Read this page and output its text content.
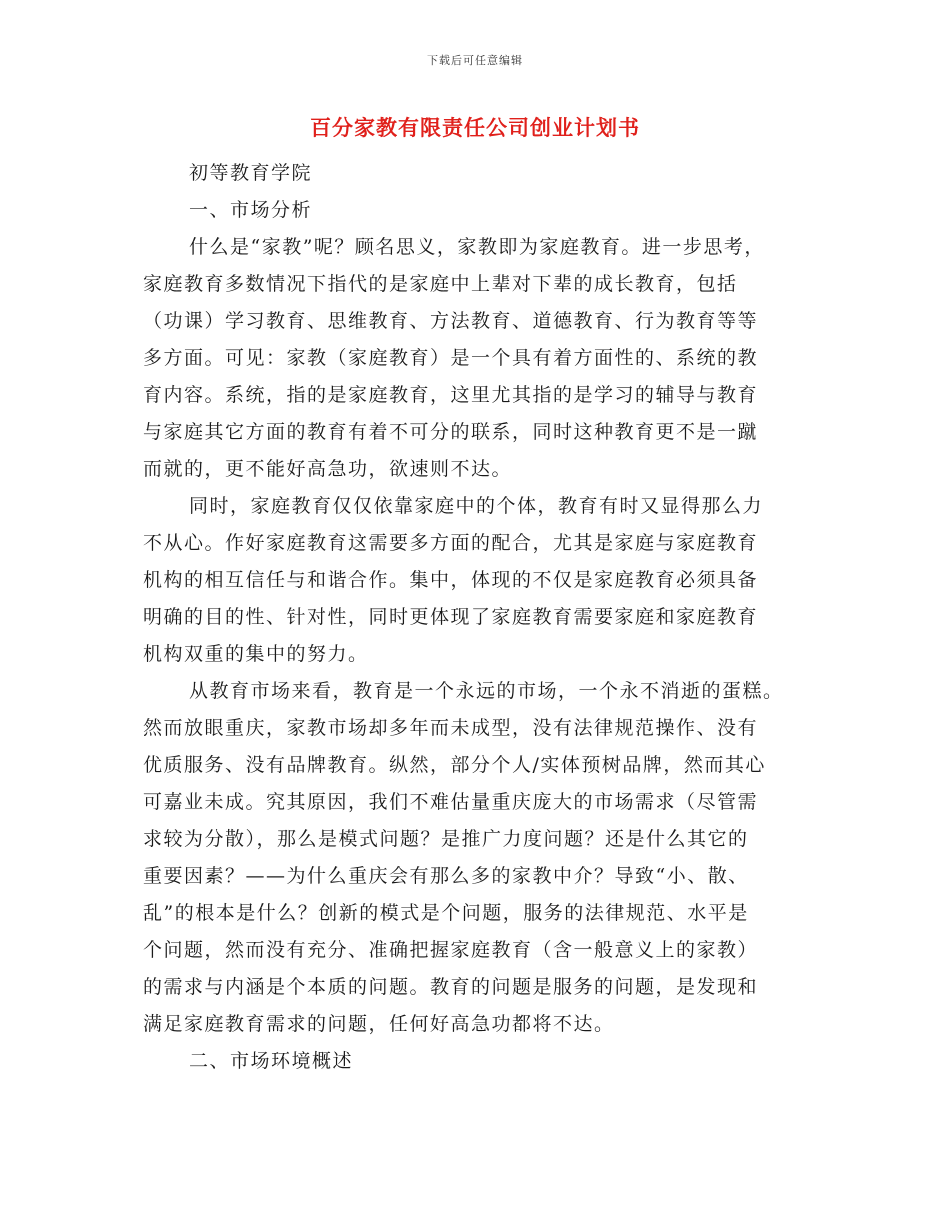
下载后可任意编辑
百分家教有限责任公司创业计划书
初等教育学院
一、市场分析
什么是“家教”呢？顾名思义，家教即为家庭教育。进一步思考，
家庭教育多数情况下指代的是家庭中上辈对下辈的成长教育，包括
（功课）学习教育、思维教育、方法教育、道德教育、行为教育等等
多方面。可见：家教（家庭教育）是一个具有着方面性的、系统的教
育内容。系统，指的是家庭教育，这里尤其指的是学习的辅导与教育
与家庭其它方面的教育有着不可分的联系，同时这种教育更不是一蹴
而就的，更不能好高急功，欲速则不达。
同时，家庭教育仅仅依靠家庭中的个体，教育有时又显得那么力
不从心。作好家庭教育这需要多方面的配合，尤其是家庭与家庭教育
机构的相互信任与和谐合作。集中，体现的不仅是家庭教育必须具备
明确的目的性、针对性，同时更体现了家庭教育需要家庭和家庭教育
机构双重的集中的努力。
从教育市场来看，教育是一个永远的市场，一个永不消逝的蛋糕。
然而放眼重庆，家教市场却多年而未成型，没有法律规范操作、没有
优质服务、没有品牌教育。纵然，部分个人/实体预树品牌，然而其心
可嘉业未成。究其原因，我们不难估量重庆庞大的市场需求（尽管需
求较为分散），那么是模式问题？是推广力度问题？还是什么其它的
重要因素？——为什么重庆会有那么多的家教中介？导致“小、散、
乱”的根本是什么？创新的模式是个问题，服务的法律规范、水平是
个问题，然而没有充分、准确把握家庭教育（含一般意义上的家教）
的需求与内涵是个本质的问题。教育的问题是服务的问题，是发现和
满足家庭教育需求的问题，任何好高急功都将不达。
二、市场环境概述
